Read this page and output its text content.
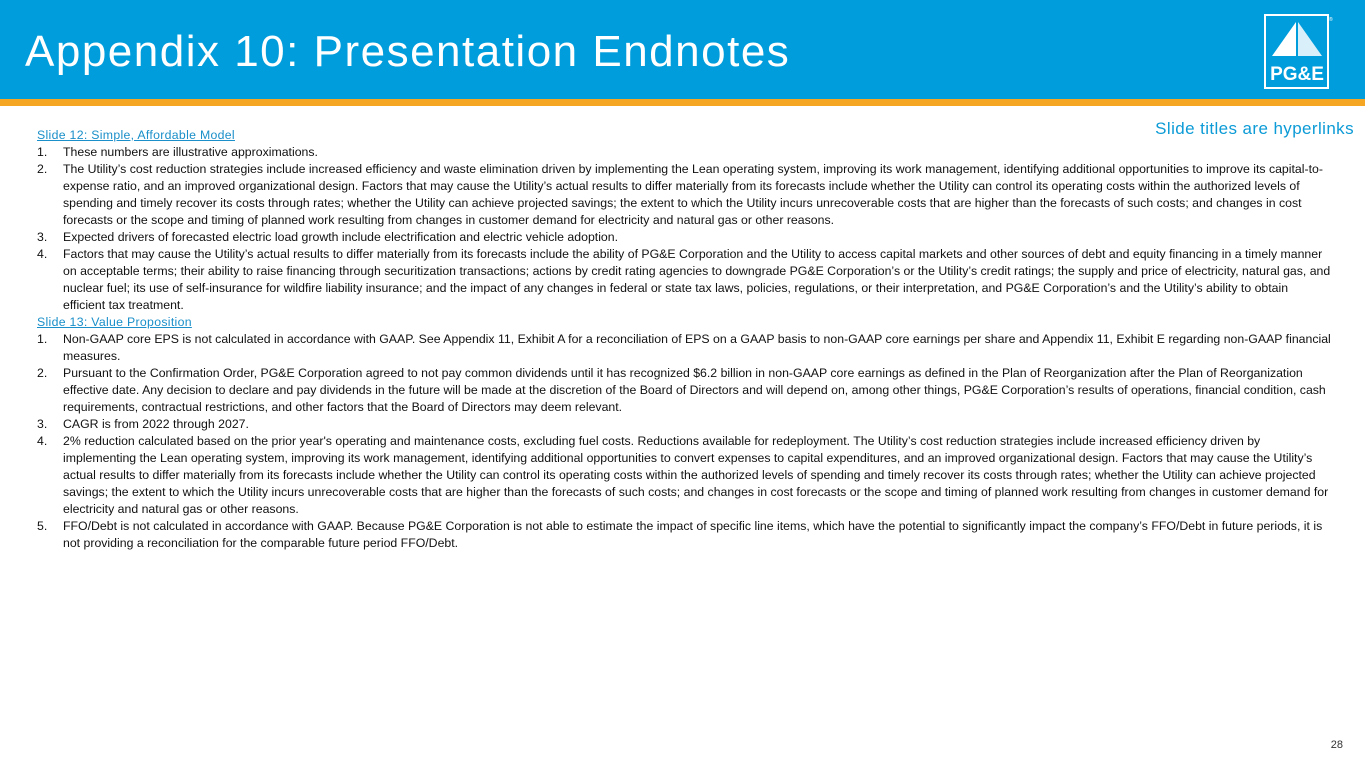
Appendix 10: Presentation Endnotes	PG&E
®
Slide titles are hyperlinks
Slide 12: Simple, Affordable Model
1. These numbers are illustrative approximations.
2. The Utility’s cost reduction strategies include increased efficiency and waste elimination driven by implementing the Lean operating system, improving its work management, identifying additional opportunities to improve its capital-to-expense ratio, and an improved organizational design. Factors that may cause the Utility’s actual results to differ materially from its forecasts include whether the Utility can control its operating costs within the authorized levels of spending and timely recover its costs through rates; whether the Utility can achieve projected savings; the extent to which the Utility incurs unrecoverable costs that are higher than the forecasts of such costs; and changes in cost forecasts or the scope and timing of planned work resulting from changes in customer demand for electricity and natural gas or other reasons.
3. Expected drivers of forecasted electric load growth include electrification and electric vehicle adoption.
4. Factors that may cause the Utility’s actual results to differ materially from its forecasts include the ability of PG&E Corporation and the Utility to access capital markets and other sources of debt and equity financing in a timely manner on acceptable terms; their ability to raise financing through securitization transactions; actions by credit rating agencies to downgrade PG&E Corporation’s or the Utility’s credit ratings; the supply and price of electricity, natural gas, and nuclear fuel; its use of self-insurance for wildfire liability insurance; and the impact of any changes in federal or state tax laws, policies, regulations, or their interpretation, and PG&E Corporation’s and the Utility’s ability to obtain efficient tax treatment.
Slide 13: Value Proposition
1. Non-GAAP core EPS is not calculated in accordance with GAAP. See Appendix 11, Exhibit A for a reconciliation of EPS on a GAAP basis to non-GAAP core earnings per share and Appendix 11, Exhibit E regarding non-GAAP financial measures.
2. Pursuant to the Confirmation Order, PG&E Corporation agreed to not pay common dividends until it has recognized $6.2 billion in non-GAAP core earnings as defined in the Plan of Reorganization after the Plan of Reorganization effective date. Any decision to declare and pay dividends in the future will be made at the discretion of the Board of Directors and will depend on, among other things, PG&E Corporation’s results of operations, financial condition, cash requirements, contractual restrictions, and other factors that the Board of Directors may deem relevant.
3. CAGR is from 2022 through 2027.
4. 2% reduction calculated based on the prior year's operating and maintenance costs, excluding fuel costs. Reductions available for redeployment. The Utility’s cost reduction strategies include increased efficiency driven by implementing the Lean operating system, improving its work management, identifying additional opportunities to convert expenses to capital expenditures, and an improved organizational design. Factors that may cause the Utility’s actual results to differ materially from its forecasts include whether the Utility can control its operating costs within the authorized levels of spending and timely recover its costs through rates; whether the Utility can achieve projected savings; the extent to which the Utility incurs unrecoverable costs that are higher than the forecasts of such costs; and changes in cost forecasts or the scope and timing of planned work resulting from changes in customer demand for electricity and natural gas or other reasons.
5. FFO/Debt is not calculated in accordance with GAAP. Because PG&E Corporation is not able to estimate the impact of specific line items, which have the potential to significantly impact the company’s FFO/Debt in future periods, it is not providing a reconciliation for the comparable future period FFO/Debt.
28
